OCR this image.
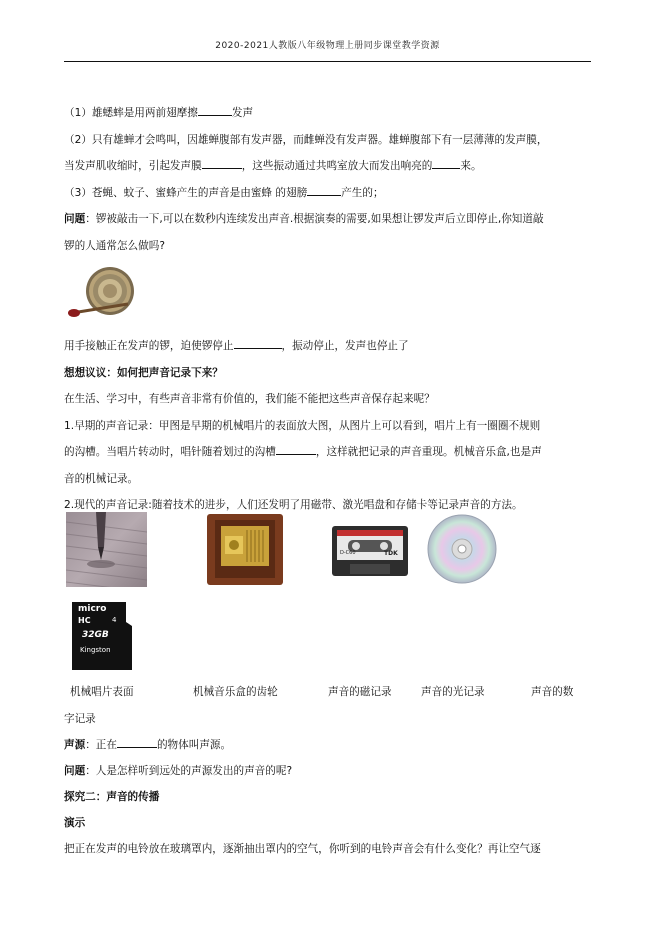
2020-2021人教版八年级物理上册同步课堂教学资源
（1）雄蟋蟀是用两前翅摩擦	发声
（2）只有雄蝉才会鸣叫，因雄蝉腹部有发声器，而雌蝉没有发声器。雄蝉腹部下有一层薄薄的发声膜，
当发声肌收缩时，引起发声膜	，这些振动通过共鸣室放大而发出响亮的	来。
（3）苍蝇、蚊子、蜜蜂产生的声音是由蜜蜂 的翅膀	产生的；
问题：锣被敲击一下,可以在数秒内连续发出声音.根据演奏的需要,如果想让锣发声后立即停止,你知道敲
锣的人通常怎么做吗?
用手接触正在发声的锣，迫使锣停止	，振动停止，发声也停止了
想想议议：如何把声音记录下来？
在生活、学习中，有些声音非常有价值的，我们能不能把这些声音保存起来呢？
1.早期的声音记录：甲图是早期的机械唱片的表面放大图，从图片上可以看到，唱片上有一圈圈不规则
的沟槽。当唱片转动时，唱针随着划过的沟槽	，这样就把记录的声音重现。机械音乐盒,也是声
音的机械记录。
2.现代的声音记录:随着技术的进步，人们还发明了用磁带、激光唱盘和存储卡等记录声音的方法。
D-C60	TDK
micro
HC	4
32GB
Kingston
机械唱片表面	机械音乐盒的齿轮	声音的磁记录	声音的光记录	声音的数
字记录
声源：正在	的物体叫声源。
问题：人是怎样听到远处的声源发出的声音的呢?
探究二：声音的传播
演示
把正在发声的电铃放在玻璃罩内，逐渐抽出罩内的空气，你听到的电铃声音会有什么变化？再让空气逐
